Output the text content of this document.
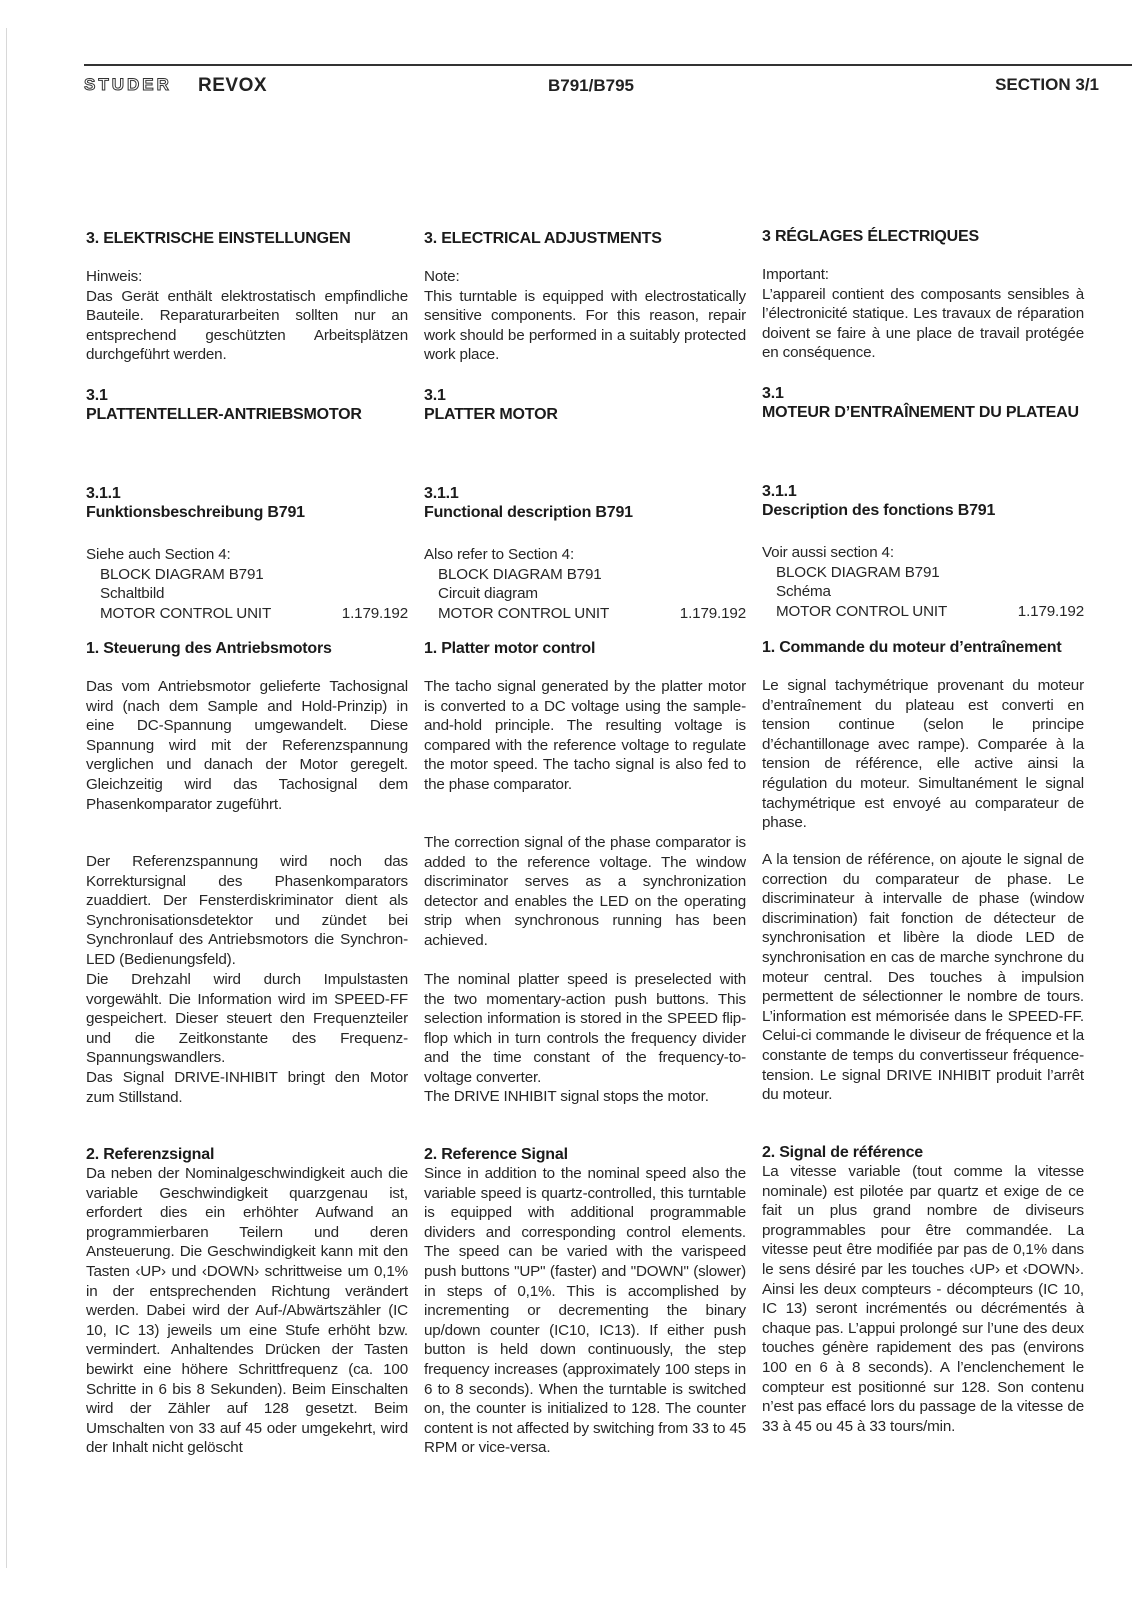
STUDER REVOX	B791/B795	SECTION 3/1
3. ELEKTRISCHE EINSTELLUNGEN
Hinweis:
Das Gerät enthält elektrostatisch empfindliche Bauteile. Reparaturarbeiten sollten nur an entsprechend geschützten Arbeitsplätzen durchgeführt werden.
3.1
PLATTENTELLER-ANTRIEBSMOTOR
3.1.1
Funktionsbeschreibung B791
Siehe auch Section 4:
BLOCK DIAGRAM B791
Schaltbild
MOTOR CONTROL UNIT	1.179.192
1. Steuerung des Antriebsmotors
Das vom Antriebsmotor gelieferte Tachosignal wird (nach dem Sample and Hold-Prinzip) in eine DC-Spannung umgewandelt. Diese Spannung wird mit der Referenzspannung verglichen und danach der Motor geregelt. Gleichzeitig wird das Tachosignal dem Phasenkomparator zugeführt.
Der Referenzspannung wird noch das Korrektursignal des Phasenkomparators zuaddiert. Der Fensterdiskriminator dient als Synchronisationsdetektor und zündet bei Synchronlauf des Antriebsmotors die Synchron-LED (Bedienungsfeld).
Die Drehzahl wird durch Impulstasten vorgewählt. Die Information wird im SPEED-FF gespeichert. Dieser steuert den Frequenzteiler und die Zeitkonstante des Frequenz-Spannungswandlers.
Das Signal DRIVE-INHIBIT bringt den Motor zum Stillstand.
2. Referenzsignal
Da neben der Nominalgeschwindigkeit auch die variable Geschwindigkeit quarzgenau ist, erfordert dies ein erhöhter Aufwand an programmierbaren Teilern und deren Ansteuerung. Die Geschwindigkeit kann mit den Tasten ‹UP› und ‹DOWN› schrittweise um 0,1% in der entsprechenden Richtung verändert werden. Dabei wird der Auf-/Abwärtszähler (IC 10, IC 13) jeweils um eine Stufe erhöht bzw. vermindert. Anhaltendes Drücken der Tasten bewirkt eine höhere Schrittfrequenz (ca. 100 Schritte in 6 bis 8 Sekunden). Beim Einschalten wird der Zähler auf 128 gesetzt. Beim Umschalten von 33 auf 45 oder umgekehrt, wird der Inhalt nicht gelöscht
3. ELECTRICAL ADJUSTMENTS
Note:
This turntable is equipped with electrostatically sensitive components. For this reason, repair work should be performed in a suitably protected work place.
3.1
PLATTER MOTOR
3.1.1
Functional description B791
Also refer to Section 4:
BLOCK DIAGRAM B791
Circuit diagram
MOTOR CONTROL UNIT	1.179.192
1. Platter motor control
The tacho signal generated by the platter motor is converted to a DC voltage using the sample-and-hold principle. The resulting voltage is compared with the reference voltage to regulate the motor speed. The tacho signal is also fed to the phase comparator.
The correction signal of the phase comparator is added to the reference voltage. The window discriminator serves as a synchronization detector and enables the LED on the operating strip when synchronous running has been achieved.
The nominal platter speed is preselected with the two momentary-action push buttons. This selection information is stored in the SPEED flip-flop which in turn controls the frequency divider and the time constant of the frequency-to-voltage converter.
The DRIVE INHIBIT signal stops the motor.
2. Reference Signal
Since in addition to the nominal speed also the variable speed is quartz-controlled, this turntable is equipped with additional programmable dividers and corresponding control elements. The speed can be varied with the varispeed push buttons "UP" (faster) and "DOWN" (slower) in steps of 0,1%. This is accomplished by incrementing or decrementing the binary up/down counter (IC10, IC13). If either push button is held down continuously, the step frequency increases (approximately 100 steps in 6 to 8 seconds). When the turntable is switched on, the counter is initialized to 128. The counter content is not affected by switching from 33 to 45 RPM or vice-versa.
3 RÉGLAGES ÉLECTRIQUES
Important:
L’appareil contient des composants sensibles à l’électronicité statique. Les travaux de réparation doivent se faire à une place de travail protégée en conséquence.
3.1
MOTEUR D’ENTRAÎNEMENT DU PLATEAU
3.1.1
Description des fonctions B791
Voir aussi section 4:
BLOCK DIAGRAM B791
Schéma
MOTOR CONTROL UNIT	1.179.192
1. Commande du moteur d’entraînement
Le signal tachymétrique provenant du moteur d’entraînement du plateau est converti en tension continue (selon le principe d’échantillonage avec rampe). Comparée à la tension de référence, elle active ainsi la régulation du moteur. Simultanément le signal tachymétrique est envoyé au comparateur de phase.
A la tension de référence, on ajoute le signal de correction du comparateur de phase. Le discriminateur à intervalle de phase (window discrimination) fait fonction de détecteur de synchronisation et libère la diode LED de synchronisation en cas de marche synchrone du moteur central. Des touches à impulsion permettent de sélectionner le nombre de tours. L’information est mémorisée dans le SPEED-FF. Celui-ci commande le diviseur de fréquence et la constante de temps du convertisseur fréquence-tension. Le signal DRIVE INHIBIT produit l’arrêt du moteur.
2. Signal de référence
La vitesse variable (tout comme la vitesse nominale) est pilotée par quartz et exige de ce fait un plus grand nombre de diviseurs programmables pour être commandée. La vitesse peut être modifiée par pas de 0,1% dans le sens désiré par les touches ‹UP› et ‹DOWN›. Ainsi les deux compteurs - décompteurs (IC 10, IC 13) seront incrémentés ou décrémentés à chaque pas. L’appui prolongé sur l’une des deux touches génère rapidement des pas (environs 100 en 6 à 8 seconds). A l’enclenchement le compteur est positionné sur 128. Son contenu n’est pas effacé lors du passage de la vitesse de 33 à 45 ou 45 à 33 tours/min.
